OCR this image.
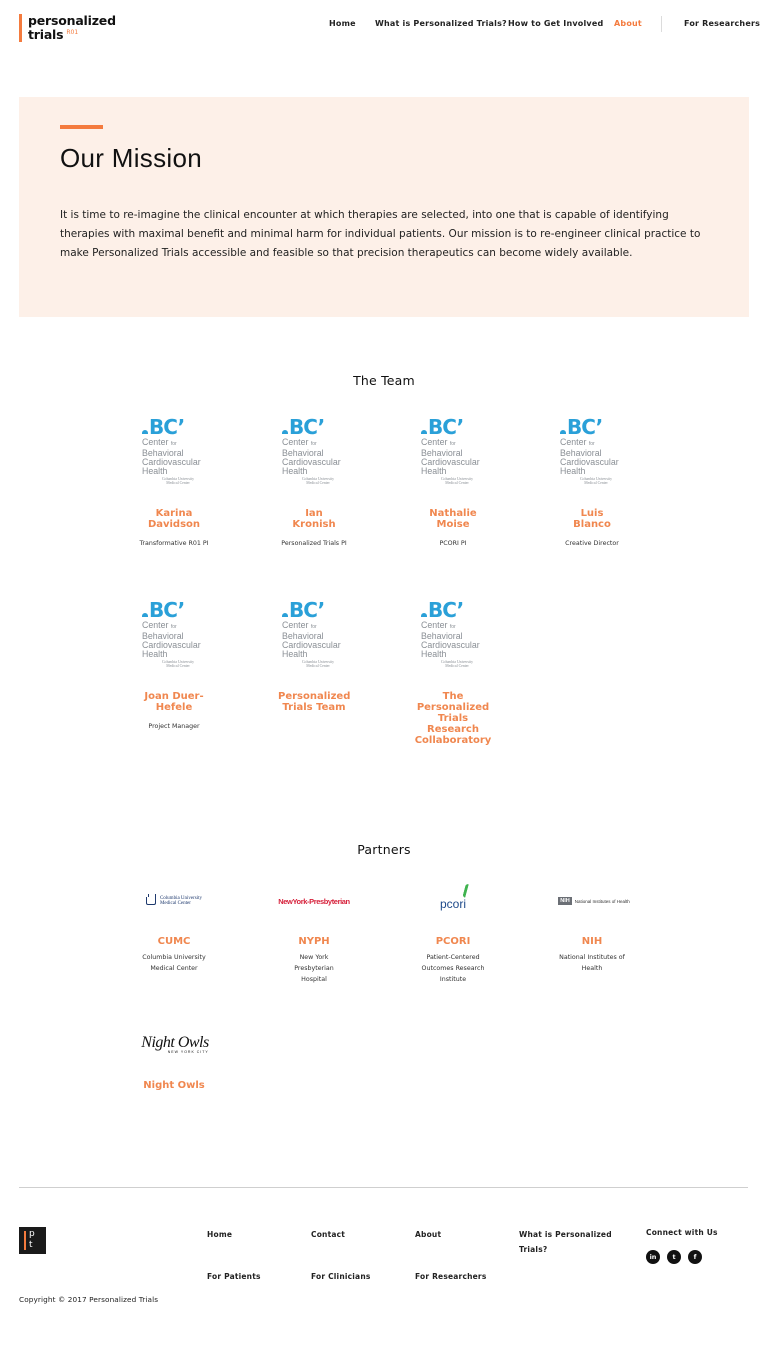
personalized
trials $^{R01}$
Home What is Personalized Trials? How to Get Involved About	For Researchers
Our Mission

It is time to re-imagine the clinical encounter at which therapies are selected, into one that is capable of identifying therapies with maximal benefit and minimal harm for individual patients. Our mission is to re-engineer clinical practice to make Personalized Trials accessible and feasible so that precision therapeutics can become widely available.

The Team
BC’
Center for
Behavioral
Cardiovascular
Health
Columbia University
Medical Center
Karina Davidson
Transformative R01 PI
BC’
Center for
Behavioral
Cardiovascular
Health
Columbia University
Medical Center
Ian Kronish
Personalized Trials PI
BC’
Center for
Behavioral
Cardiovascular
Health
Columbia University
Medical Center
Nathalie Moise
PCORI PI
BC’
Center for
Behavioral
Cardiovascular
Health
Columbia University
Medical Center
Luis Blanco
Creative Director
BC’
Center for
Behavioral
Cardiovascular
Health
Columbia University
Medical Center
Joan Duer-Hefele
Project Manager
BC’
Center for
Behavioral
Cardiovascular
Health
Columbia University
Medical Center
Personalized Trials Team
BC’
Center for
Behavioral
Cardiovascular
Health
Columbia University
Medical Center
The Personalized Trials Research Collaboratory
Partners
Columbia University
Medical Center	NewYork-Presbyterian	pcori	NIH	National Institutes of Health
Night Owls
NEW YORK CITY
CUMC
Columbia University Medical Center
NYPH
New York Presbyterian Hospital
PCORI
Patient-Centered Outcomes Research Institute
NIH
National Institutes of Health
Night Owls
p
t
Home	Contact	About	What is Personalized Trials?
For Patients	For Clinicians	For Researchers
Connect with Us
in	t	f
Copyright © 2017 Personalized Trials
